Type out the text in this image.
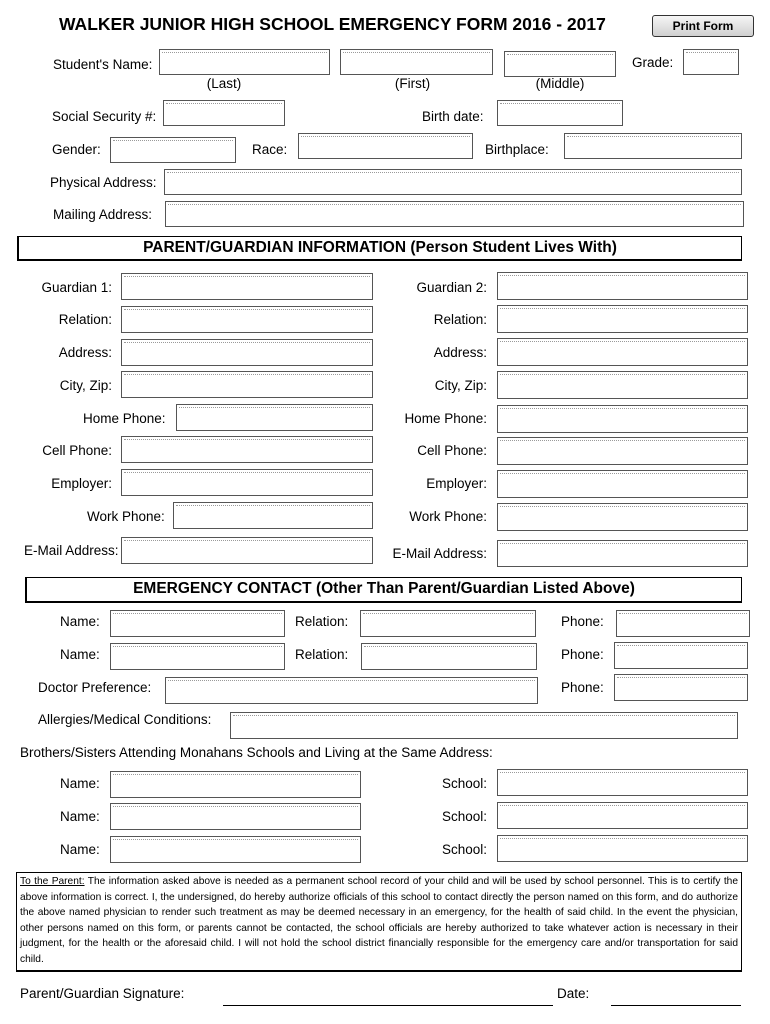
WALKER JUNIOR HIGH SCHOOL EMERGENCY FORM 2016 - 2017	Print Form
Student's Name:	Grade:
(Last)	(First)	(Middle)
Social Security #:	Birth date:
Gender:	Race:	Birthplace:
Physical Address:
Mailing Address:
PARENT/GUARDIAN INFORMATION (Person Student Lives With)
Guardian 1:	Guardian 2:
Relation:	Relation:
Address:	Address:
City, Zip:	City, Zip:
Home Phone:	Home Phone:
Cell Phone:	Cell Phone:
Employer:	Employer:
Work Phone:	Work Phone:
E-Mail Address:	E-Mail Address:
EMERGENCY CONTACT (Other Than Parent/Guardian Listed Above)
Name:	Relation:	Phone:
Name:	Relation:	Phone:
Doctor Preference:	Phone:
Allergies/Medical Conditions:
Brothers/Sisters Attending Monahans Schools and Living at the Same Address:
Name:	School:
Name:	School:
Name:	School:
To the Parent: The information asked above is needed as a permanent school record of your child and will be used by school personnel. This is to certify the above information is correct. I, the undersigned, do hereby authorize officials of this school to contact directly the person named on this form, and do authorize the above named physician to render such treatment as may be deemed necessary in an emergency, for the health of said child. In the event the physician, other persons named on this form, or parents cannot be contacted, the school officials are hereby authorized to take whatever action is necessary in their judgment, for the health or the aforesaid child. I will not hold the school district financially responsible for the emergency care and/or transportation for said child.
Parent/Guardian Signature:	Date:
